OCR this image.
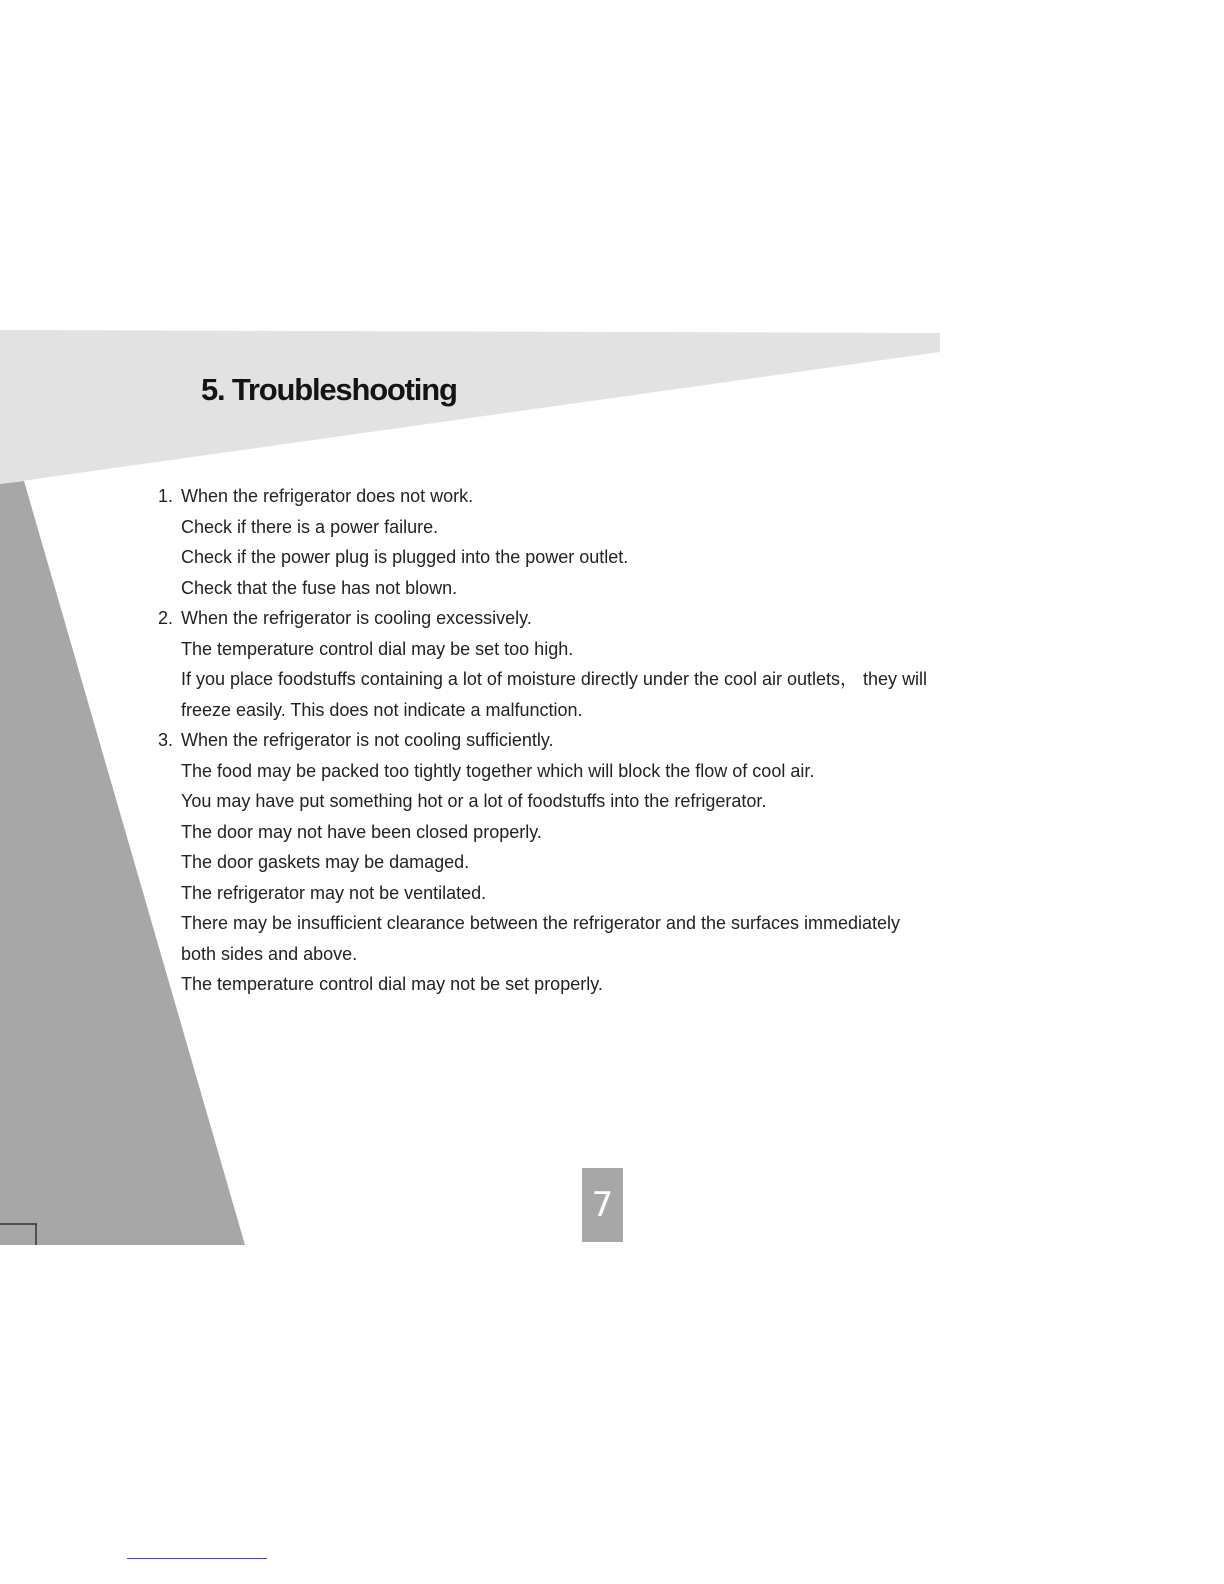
5. Troubleshooting
1. When the refrigerator does not work.
Check if there is a power failure.
Check if the power plug is plugged into the power outlet.
Check that the fuse has not blown.
2. When the refrigerator is cooling excessively.
The temperature control dial may be set too high.
If you place foodstuffs containing a lot of moisture directly under the cool air outlets， they will
freeze easily. This does not indicate a malfunction.
3. When the refrigerator is not cooling sufficiently.
The food may be packed too tightly together which will block the flow of cool air.
You may have put something hot or a lot of foodstuffs into the refrigerator.
The door may not have been closed properly.
The door gaskets may be damaged.
The refrigerator may not be ventilated.
There may be insufficient clearance between the refrigerator and the surfaces immediately
both sides and above.
The temperature control dial may not be set properly.
7
